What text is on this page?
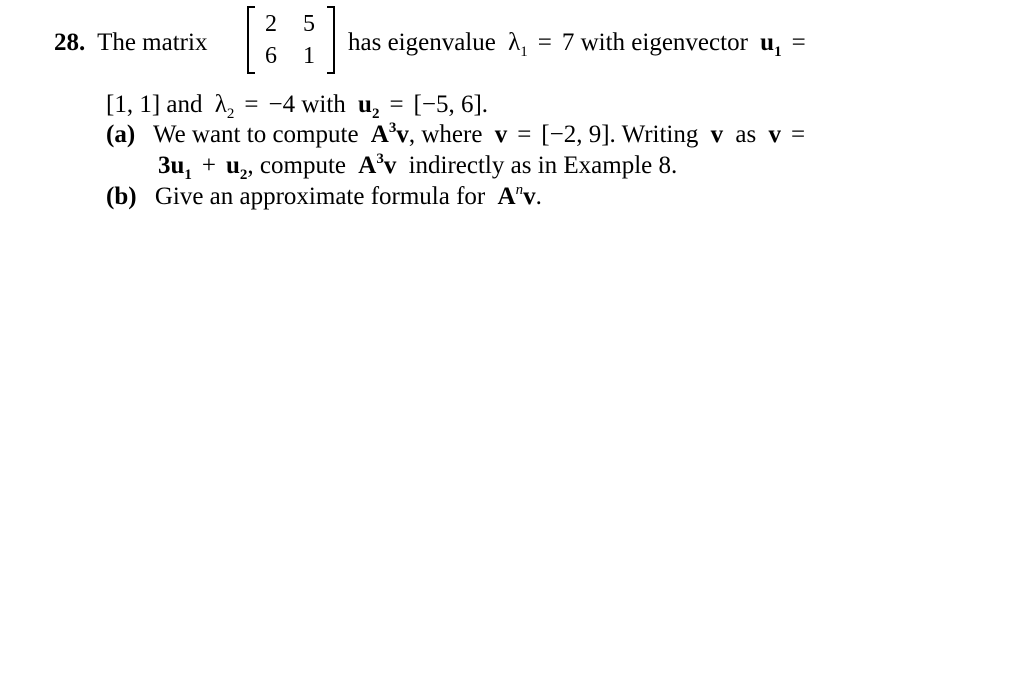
28. The matrix
2 5
6 1 has eigenvalue $\lambda_1 = 7$ with eigenvector $u_1$ =
[1, 1] and $\lambda_2 = -4$ with $u_2 = [-5$, 6].
(a) We want to compute $A^3v$, where v = [−2, 9]. Writing v as v =
$3u_1 + u_2$, compute $A^3v$ indirectly as in Example 8.
(b) Give an approximate formula for $A^nv$.
